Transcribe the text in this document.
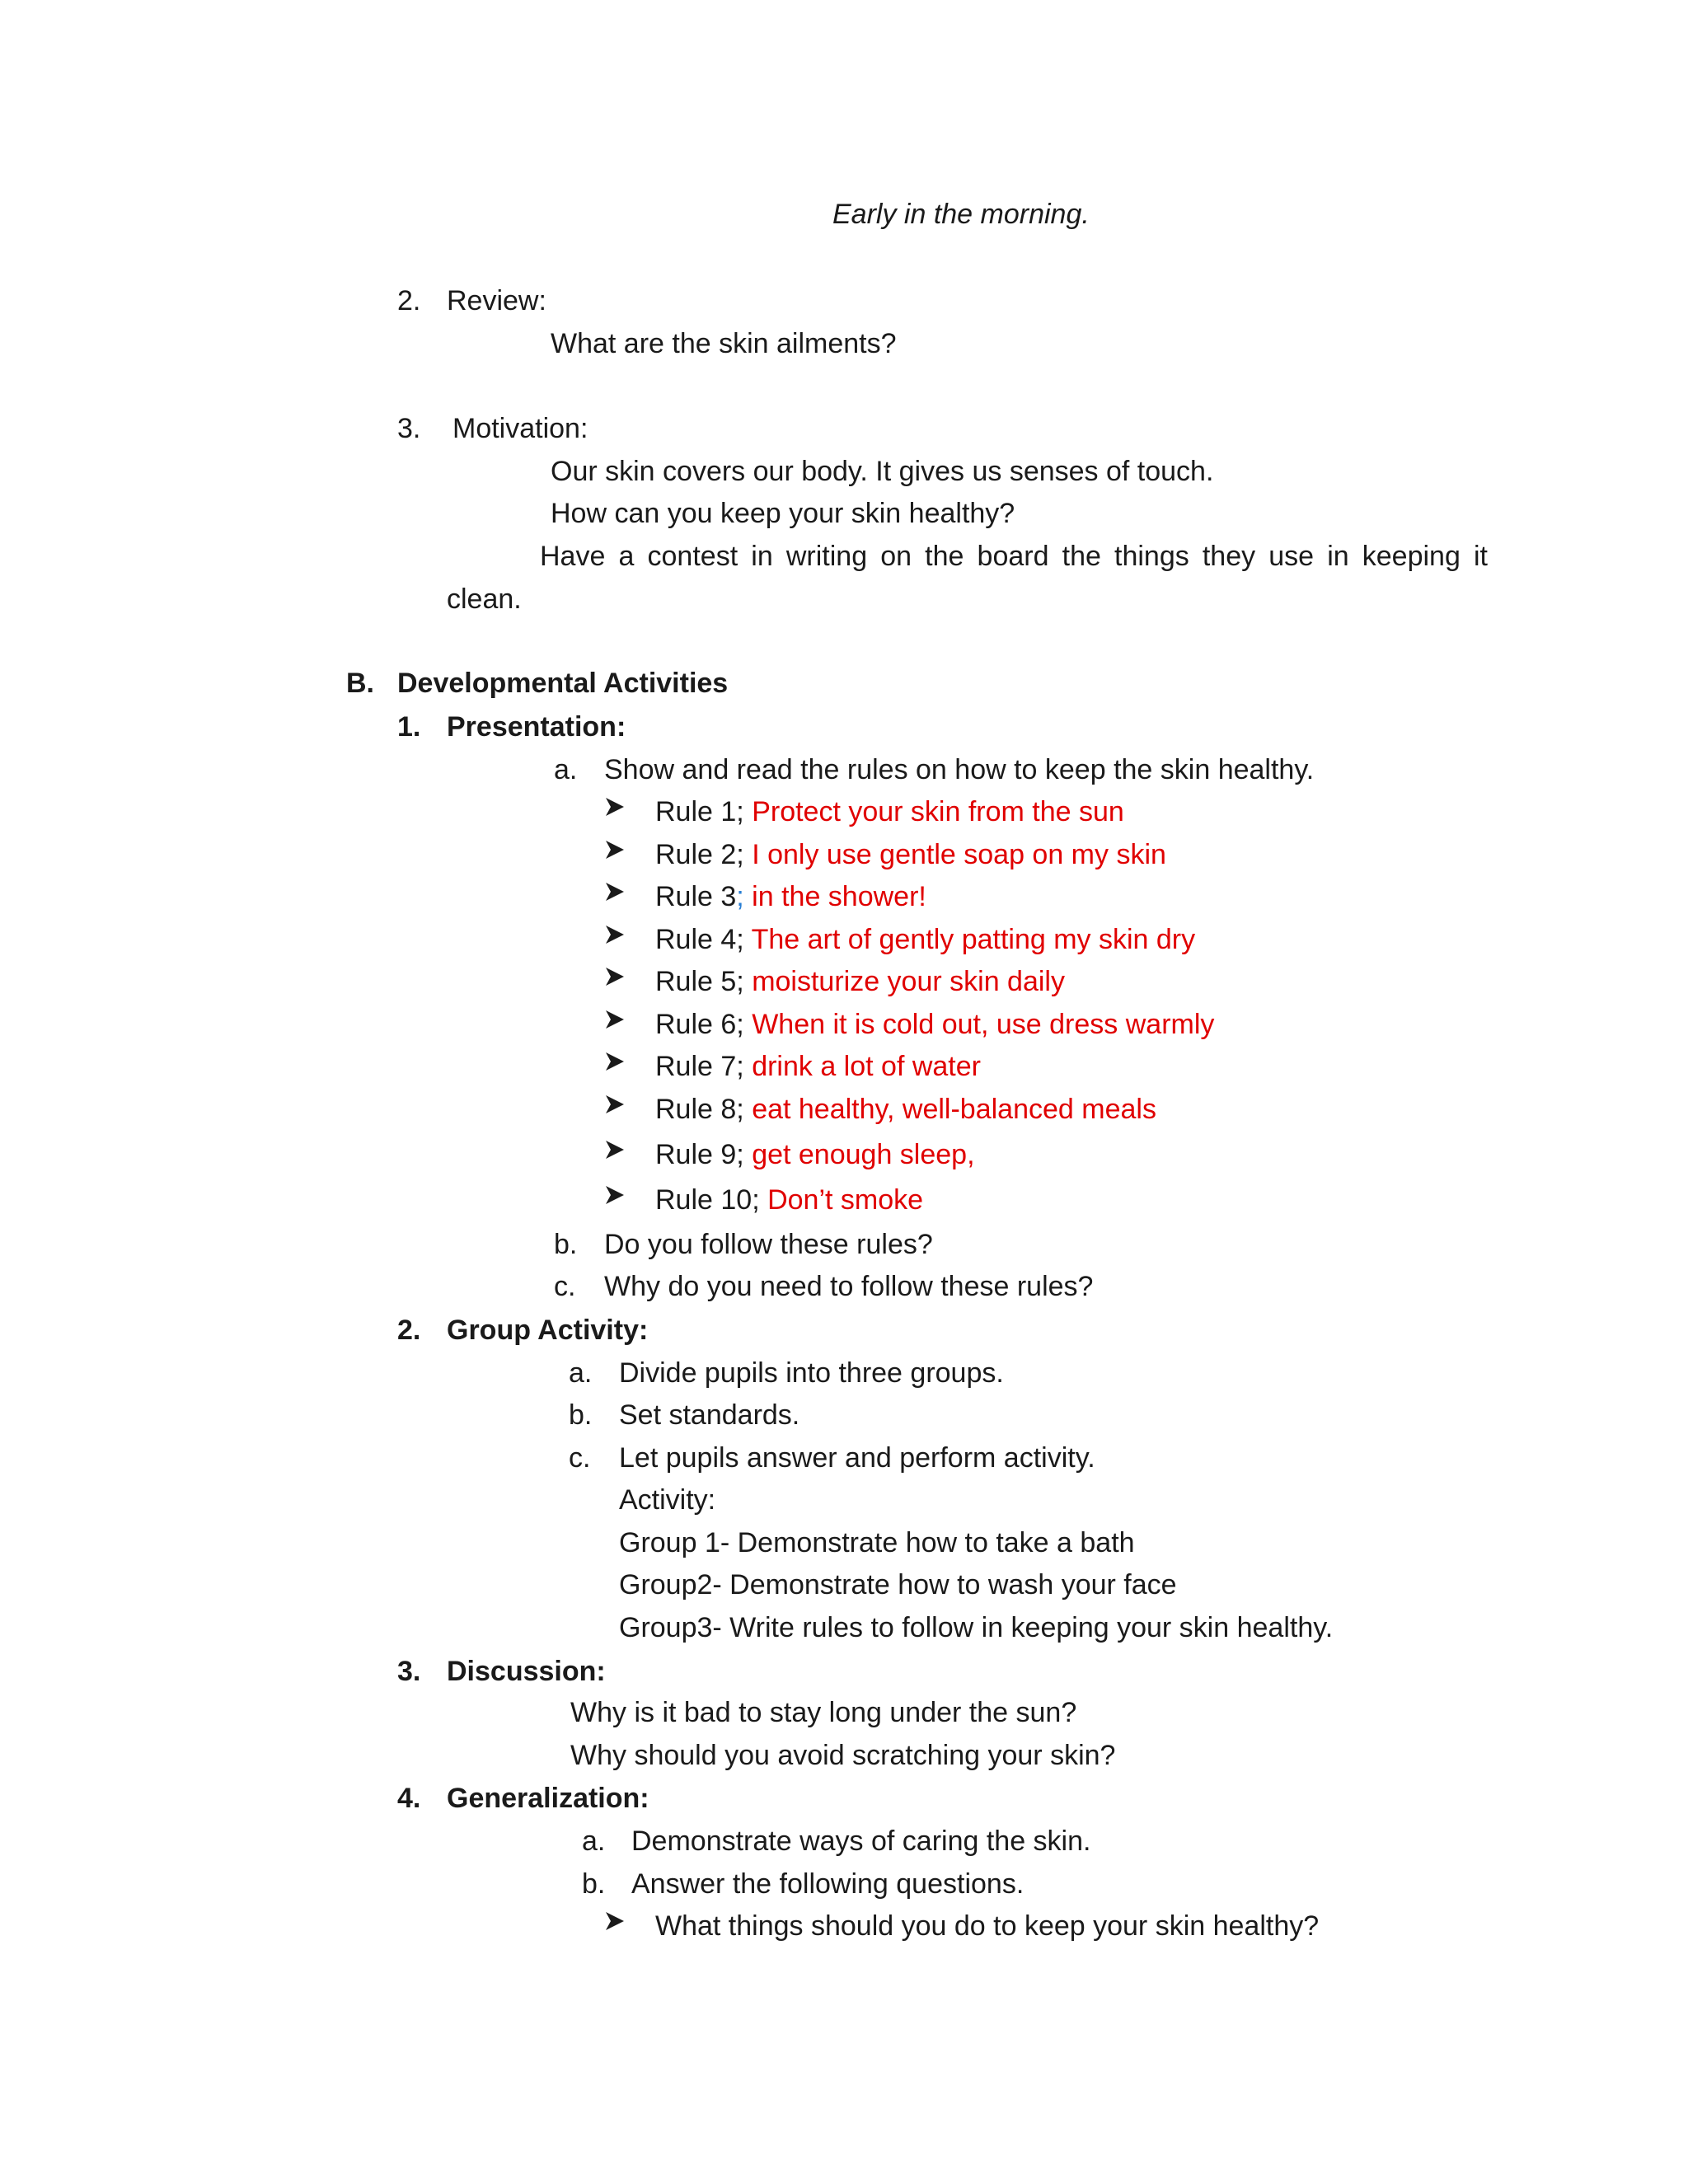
Early in the morning.
2. Review:
What are the skin ailments?
3. Motivation:
Our skin covers our body. It gives us senses of touch.
How can you keep your skin healthy?
Have a contest in writing on the board the things they use in keeping it
clean.
B. Developmental Activities
1. Presentation:
a. Show and read the rules on how to keep the skin healthy.
Rule 1; Protect your skin from the sun
Rule 2; I only use gentle soap on my skin
Rule 3; in the shower!
Rule 4; The art of gently patting my skin dry
Rule 5; moisturize your skin daily
Rule 6; When it is cold out, use dress warmly
Rule 7; drink a lot of water
Rule 8; eat healthy, well-balanced meals
Rule 9; get enough sleep,
Rule 10; Don’t smoke
b. Do you follow these rules?
c. Why do you need to follow these rules?
2. Group Activity:
a. Divide pupils into three groups.
b. Set standards.
c. Let pupils answer and perform activity.
Activity:
Group 1- Demonstrate how to take a bath
Group2- Demonstrate how to wash your face
Group3- Write rules to follow in keeping your skin healthy.
3. Discussion:
Why is it bad to stay long under the sun?
Why should you avoid scratching your skin?
4. Generalization:
a. Demonstrate ways of caring the skin.
b. Answer the following questions.
What things should you do to keep your skin healthy?
